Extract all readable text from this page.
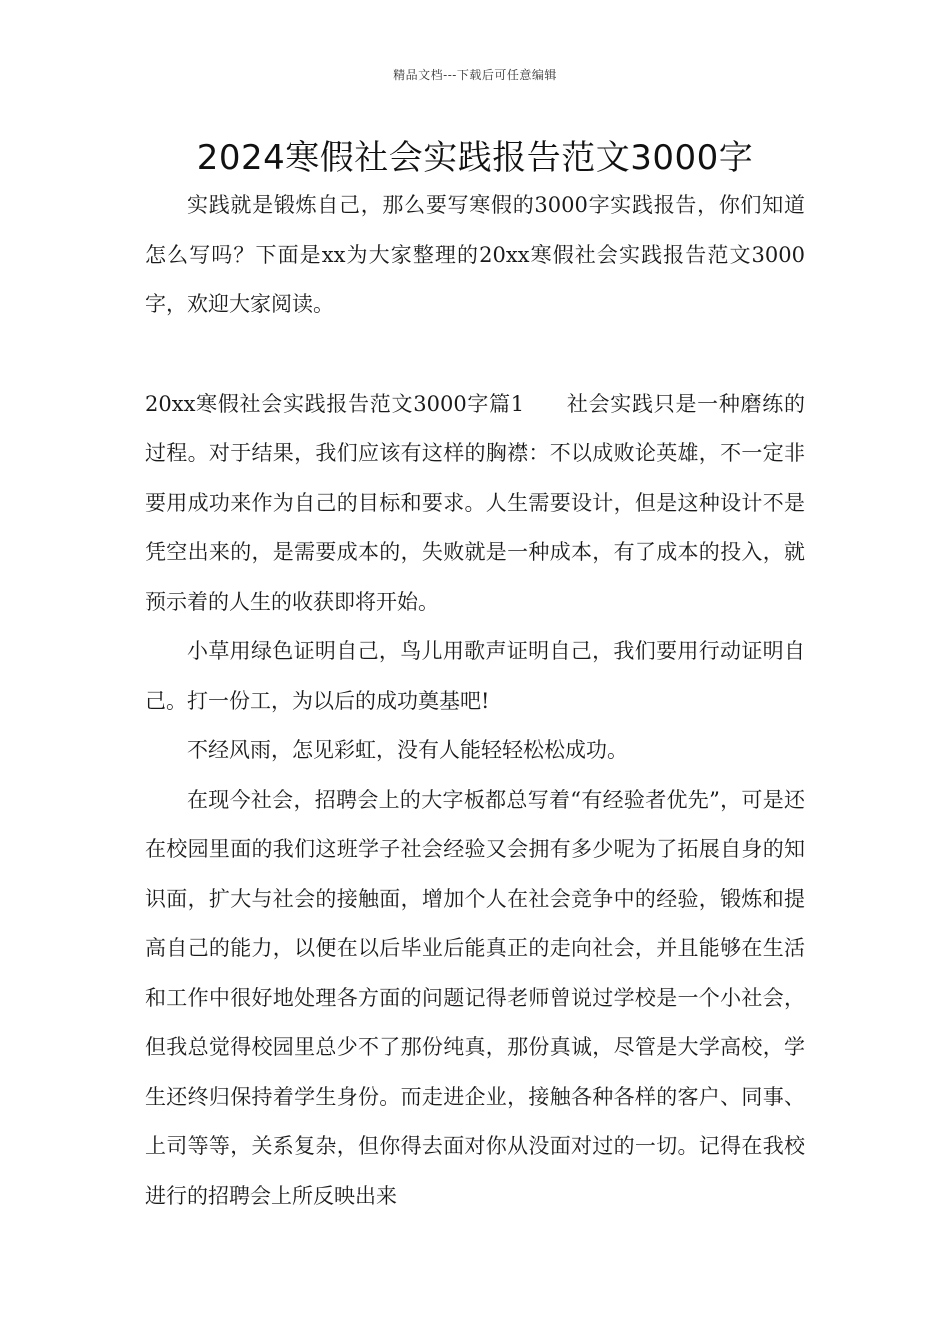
精品文档---下载后可任意编辑
2024寒假社会实践报告范文3000字

实践就是锻炼自己，那么要写寒假的3000字实践报告，你们知道怎么写吗？下面是xx为大家整理的20xx寒假社会实践报告范文3000字，欢迎大家阅读。

20xx寒假社会实践报告范文3000字篇1 社会实践只是一种磨练的过程。对于结果，我们应该有这样的胸襟：不以成败论英雄，不一定非要用成功来作为自己的目标和要求。人生需要设计，但是这种设计不是凭空出来的，是需要成本的，失败就是一种成本，有了成本的投入，就预示着的人生的收获即将开始。

小草用绿色证明自己，鸟儿用歌声证明自己，我们要用行动证明自己。打一份工，为以后的成功奠基吧!

不经风雨，怎见彩虹，没有人能轻轻松松成功。

在现今社会，招聘会上的大字板都总写着“有经验者优先”，可是还在校园里面的我们这班学子社会经验又会拥有多少呢为了拓展自身的知识面，扩大与社会的接触面，增加个人在社会竞争中的经验，锻炼和提高自己的能力，以便在以后毕业后能真正的走向社会，并且能够在生活和工作中很好地处理各方面的问题记得老师曾说过学校是一个小社会，但我总觉得校园里总少不了那份纯真，那份真诚，尽管是大学高校，学生还终归保持着学生身份。而走进企业，接触各种各样的客户、同事、上司等等，关系复杂，但你得去面对你从没面对过的一切。记得在我校进行的招聘会上所反映出来
